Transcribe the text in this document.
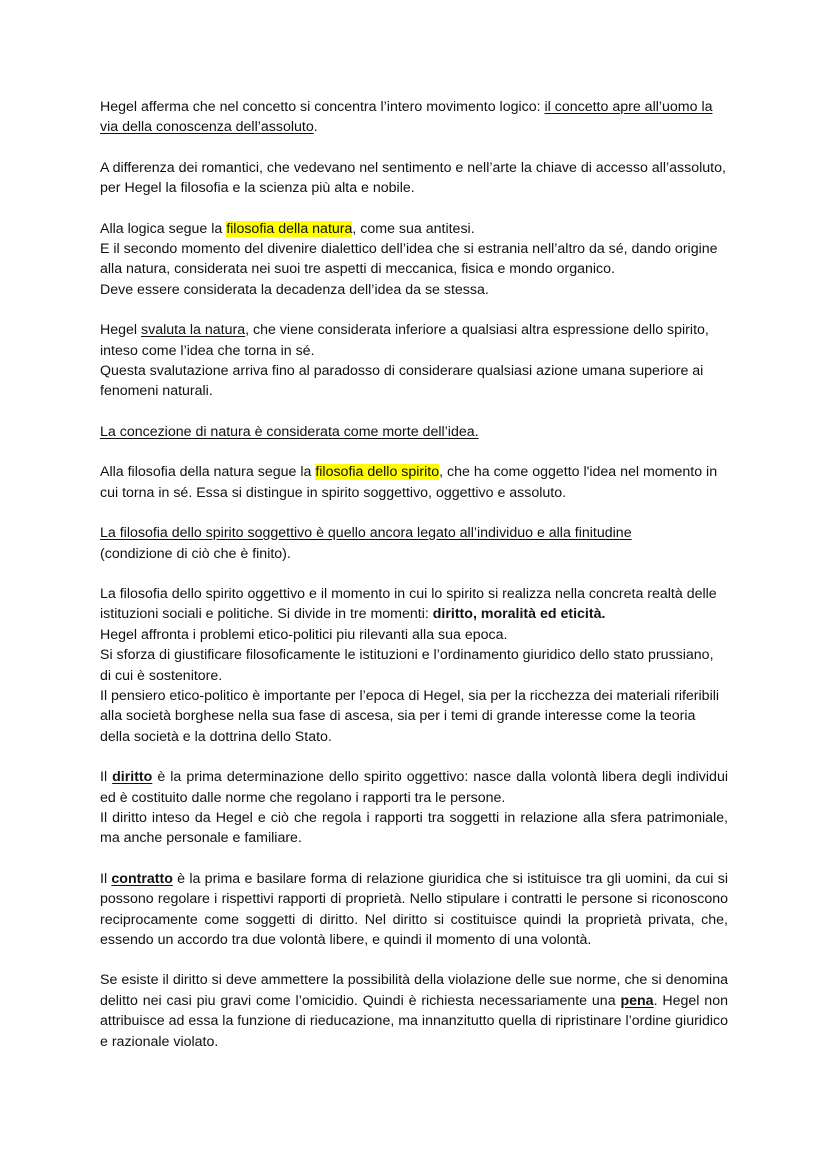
Hegel afferma che nel concetto si concentra l’intero movimento logico: il concetto apre all’uomo la via della conoscenza dell’assoluto.

A differenza dei romantici, che vedevano nel sentimento e nell’arte la chiave di accesso all’assoluto, per Hegel la filosofia e la scienza più alta e nobile.

Alla logica segue la filosofia della natura, come sua antitesi.
E il secondo momento del divenire dialettico dell’idea che si estrania nell’altro da sé, dando origine alla natura, considerata nei suoi tre aspetti di meccanica, fisica e mondo organico.
Deve essere considerata la decadenza dell’idea da se stessa.

Hegel svaluta la natura, che viene considerata inferiore a qualsiasi altra espressione dello spirito, inteso come l’idea che torna in sé.
Questa svalutazione arriva fino al paradosso di considerare qualsiasi azione umana superiore ai fenomeni naturali.

La concezione di natura è considerata come morte dell’idea.

Alla filosofia della natura segue la filosofia dello spirito, che ha come oggetto l'idea nel momento in cui torna in sé. Essa si distingue in spirito soggettivo, oggettivo e assoluto.

La filosofia dello spirito soggettivo è quello ancora legato all’individuo e alla finitudine
(condizione di ciò che è finito).

La filosofia dello spirito oggettivo e il momento in cui lo spirito si realizza nella concreta realtà delle istituzioni sociali e politiche. Si divide in tre momenti: diritto, moralità ed eticità.
Hegel affronta i problemi etico-politici piu rilevanti alla sua epoca.
Si sforza di giustificare filosoficamente le istituzioni e l’ordinamento giuridico dello stato prussiano, di cui è sostenitore.
Il pensiero etico-politico è importante per l’epoca di Hegel, sia per la ricchezza dei materiali riferibili alla società borghese nella sua fase di ascesa, sia per i temi di grande interesse come la teoria della società e la dottrina dello Stato.

Il diritto è la prima determinazione dello spirito oggettivo: nasce dalla volontà libera degli individui ed è costituito dalle norme che regolano i rapporti tra le persone.
Il diritto inteso da Hegel e ciò che regola i rapporti tra soggetti in relazione alla sfera patrimoniale, ma anche personale e familiare.

Il contratto è la prima e basilare forma di relazione giuridica che si istituisce tra gli uomini, da cui si possono regolare i rispettivi rapporti di proprietà. Nello stipulare i contratti le persone si riconoscono reciprocamente come soggetti di diritto. Nel diritto si costituisce quindi la proprietà privata, che, essendo un accordo tra due volontà libere, e quindi il momento di una volontà.

Se esiste il diritto si deve ammettere la possibilità della violazione delle sue norme, che si denomina delitto nei casi piu gravi come l’omicidio. Quindi è richiesta necessariamente una pena. Hegel non attribuisce ad essa la funzione di rieducazione, ma innanzitutto quella di ripristinare l’ordine giuridico e razionale violato.
